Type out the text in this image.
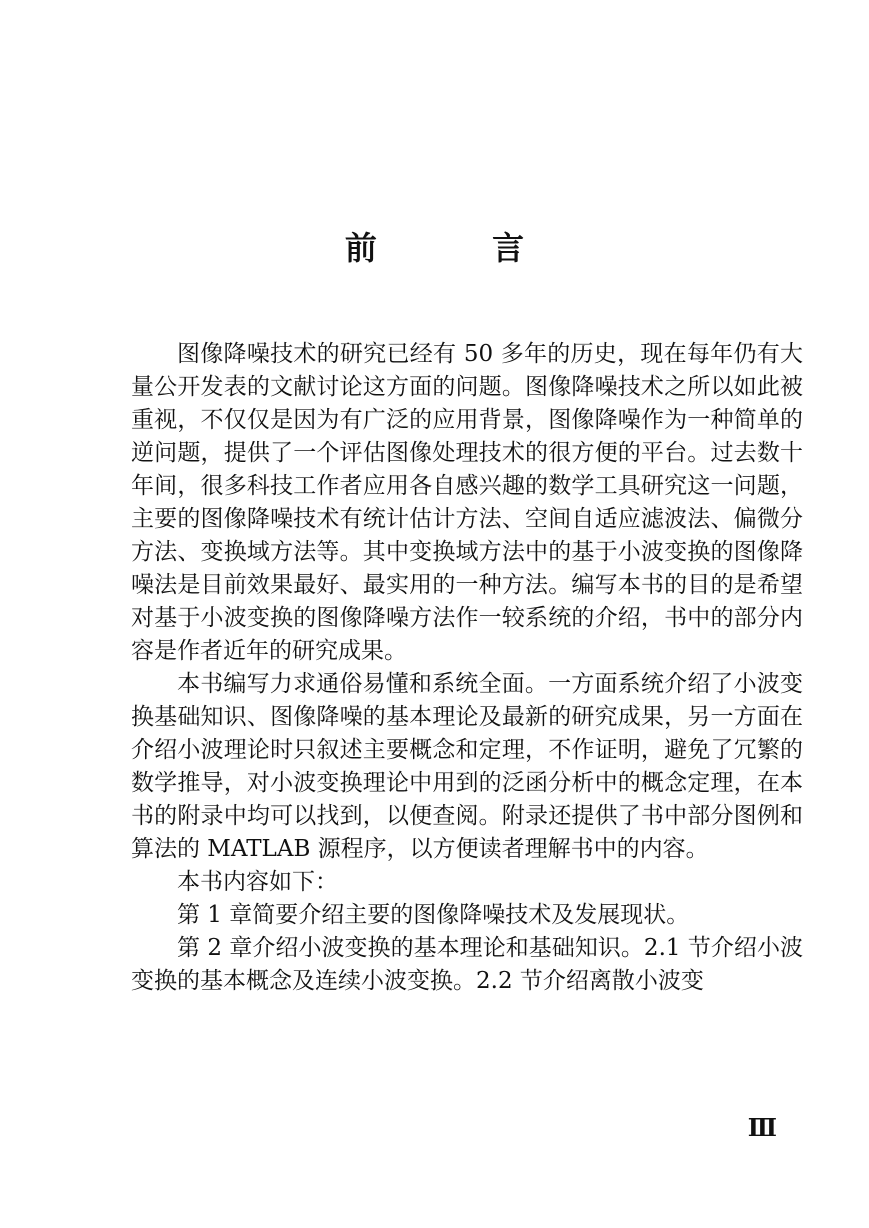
前 言

图像降噪技术的研究已经有 50 多年的历史，现在每年仍有大量公开发表的文献讨论这方面的问题。图像降噪技术之所以如此被重视，不仅仅是因为有广泛的应用背景，图像降噪作为一种简单的逆问题，提供了一个评估图像处理技术的很方便的平台。过去数十年间，很多科技工作者应用各自感兴趣的数学工具研究这一问题，主要的图像降噪技术有统计估计方法、空间自适应滤波法、偏微分方法、变换域方法等。其中变换域方法中的基于小波变换的图像降噪法是目前效果最好、最实用的一种方法。编写本书的目的是希望对基于小波变换的图像降噪方法作一较系统的介绍，书中的部分内容是作者近年的研究成果。

本书编写力求通俗易懂和系统全面。一方面系统介绍了小波变换基础知识、图像降噪的基本理论及最新的研究成果，另一方面在介绍小波理论时只叙述主要概念和定理，不作证明，避免了冗繁的数学推导，对小波变换理论中用到的泛函分析中的概念定理，在本书的附录中均可以找到，以便查阅。附录还提供了书中部分图例和算法的 MATLAB 源程序，以方便读者理解书中的内容。

本书内容如下：

第 1 章简要介绍主要的图像降噪技术及发展现状。

第 2 章介绍小波变换的基本理论和基础知识。2.1 节介绍小波变换的基本概念及连续小波变换。2.2 节介绍离散小波变

Ⅲ
